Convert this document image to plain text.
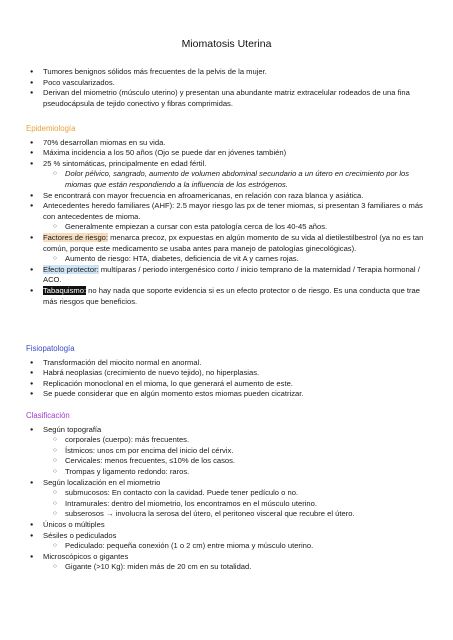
Miomatosis Uterina
● Tumores benignos sólidos más frecuentes de la pelvis de la mujer.
● Poco vascularizados.
● Derivan del miometrio (músculo uterino) y presentan una abundante matriz extracelular rodeados de una fina pseudocápsula de tejido conectivo y fibras comprimidas.
Epidemiología
● 70% desarrollan miomas en su vida.
● Máxima incidencia a los 50 años (Ojo se puede dar en jóvenes también)
● 25 % sintomáticas, principalmente en edad fértil.
○ Dolor pélvico, sangrado, aumento de volumen abdominal secundario a un útero en crecimiento por los miomas que están respondiendo a la influencia de los estrógenos.
● Se encontrará con mayor frecuencia en afroamericanas, en relación con raza blanca y asiática.
● Antecedentes heredo familiares (AHF): 2.5 mayor riesgo las px de tener miomas, si presentan 3 familiares o más con antecedentes de mioma.
○ Generalmente empiezan a cursar con esta patología cerca de los 40-45 años.
● Factores de riesgo: menarca precoz, px expuestas en algún momento de su vida al dietilestilbestrol (ya no es tan común, porque este medicamento se usaba antes para manejo de patologías ginecológicas).
○ Aumento de riesgo: HTA, diabetes, deficiencia de vit A y carnes rojas.
● Efecto protector: multíparas / periodo intergenésico corto / inicio temprano de la maternidad / Terapia hormonal / ACO.
● Tabaquismo: no hay nada que soporte evidencia si es un efecto protector o de riesgo. Es una conducta que trae más riesgos que beneficios.
Fisiopatología
● Transformación del miocito normal en anormal.
● Habrá neoplasias (crecimiento de nuevo tejido), no hiperplasias.
● Replicación monoclonal en el mioma, lo que generará el aumento de este.
● Se puede considerar que en algún momento estos miomas pueden cicatrizar.
Clasificación
● Según topografía
○ corporales (cuerpo): más frecuentes.
○ Ístmicos: unos cm por encima del inicio del cérvix.
○ Cervicales: menos frecuentes, ≤10% de los casos.
○ Trompas y ligamento redondo: raros.
● Según localización en el miometrio
○ submucosos: En contacto con la cavidad. Puede tener pedículo o no.
○ Intramurales: dentro del miometrio, los encontramos en el músculo uterino.
○ subserosos → involucra la serosa del útero, el peritoneo visceral que recubre el útero.
● Únicos o múltiples
● Sésiles o pediculados
○ Pediculado: pequeña conexión (1 o 2 cm) entre mioma y músculo uterino.
● Microscópicos o gigantes
○ Gigante (>10 Kg): miden más de 20 cm en su totalidad.
